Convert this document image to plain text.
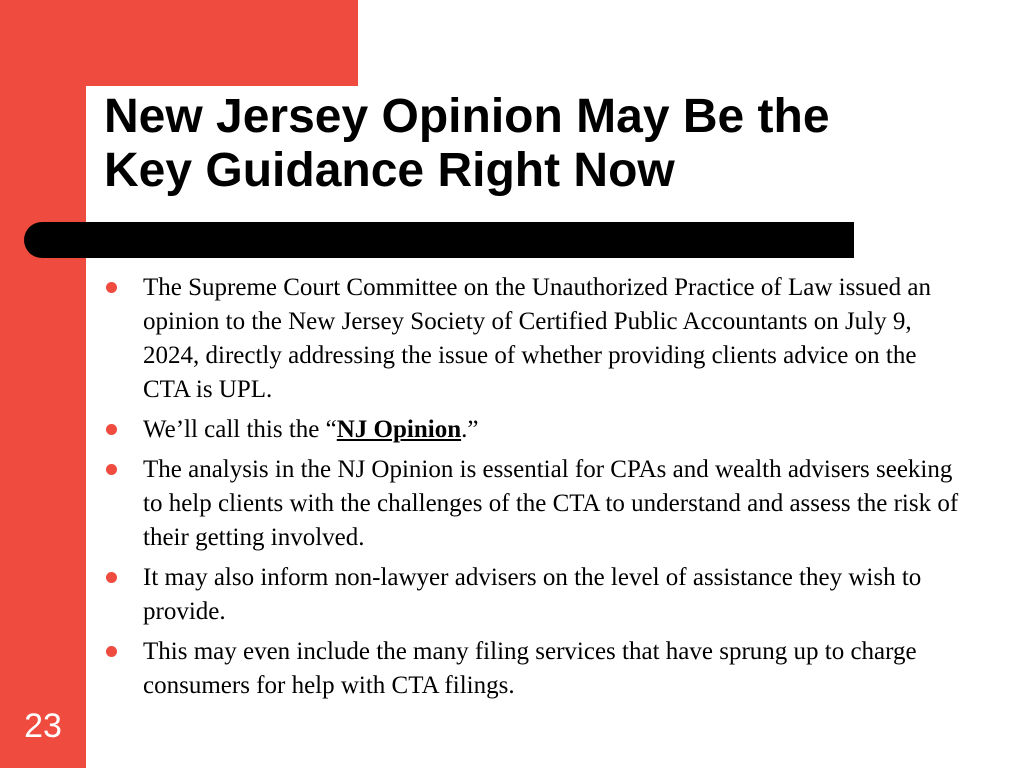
New Jersey Opinion May Be the
Key Guidance Right Now
The Supreme Court Committee on the Unauthorized Practice of Law issued an opinion to the New Jersey Society of Certified Public Accountants on July 9, 2024, directly addressing the issue of whether providing clients advice on the CTA is UPL.
We’ll call this the “NJ Opinion.”
The analysis in the NJ Opinion is essential for CPAs and wealth advisers seeking to help clients with the challenges of the CTA to understand and assess the risk of their getting involved.
It may also inform non-lawyer advisers on the level of assistance they wish to provide.
This may even include the many filing services that have sprung up to charge consumers for help with CTA filings.
23
